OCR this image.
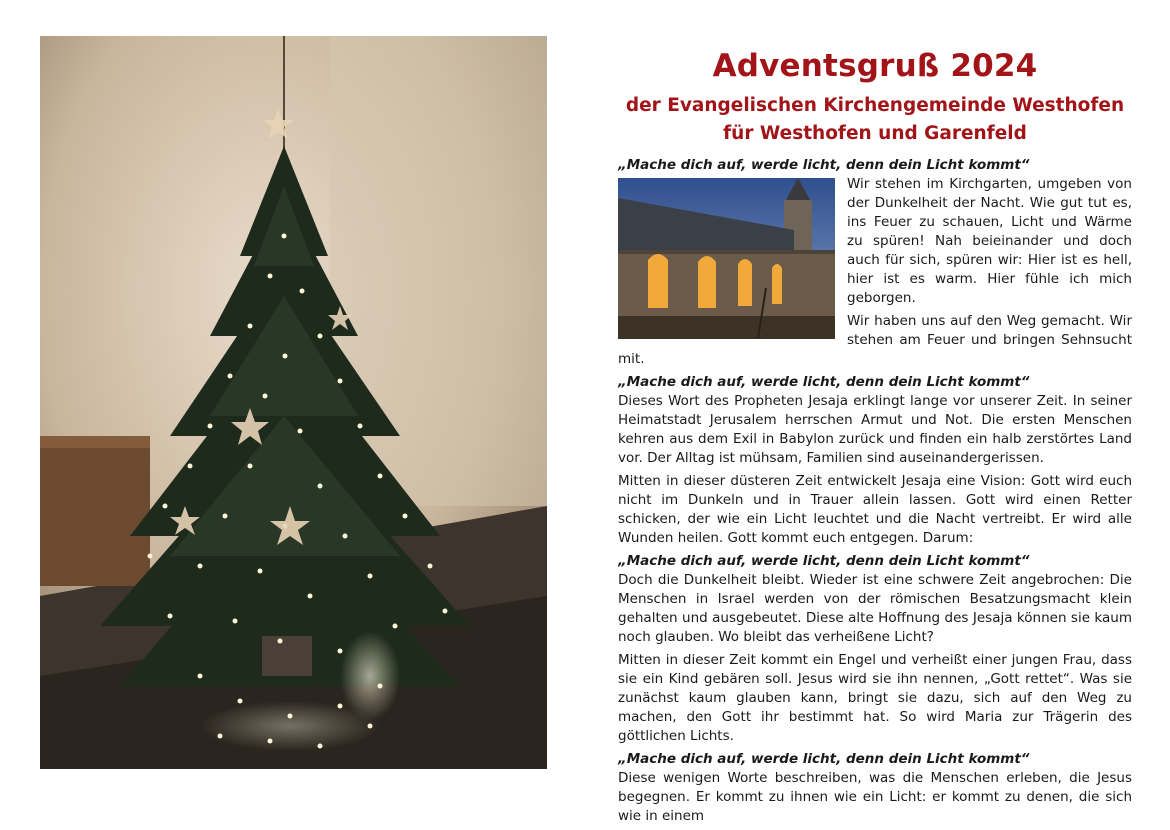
Adventsgruß 2024

der Evangelischen Kirchengemeinde Westhofen

für Westhofen und Garenfeld

„Mache dich auf, werde licht, denn dein Licht kommt“

Wir stehen im Kirchgarten, umgeben von der Dunkelheit der Nacht. Wie gut tut es, ins Feuer zu schauen, Licht und Wärme zu spüren! Nah beieinander und doch auch für sich, spüren wir: Hier ist es hell, hier ist es warm. Hier fühle ich mich geborgen.

Wir haben uns auf den Weg gemacht. Wir stehen am Feuer und bringen Sehnsucht mit.

„Mache dich auf, werde licht, denn dein Licht kommt“

Dieses Wort des Propheten Jesaja erklingt lange vor unserer Zeit. In seiner Heimatstadt Jerusalem herrschen Armut und Not. Die ersten Menschen kehren aus dem Exil in Babylon zurück und finden ein halb zerstörtes Land vor. Der Alltag ist mühsam, Familien sind auseinandergerissen.

Mitten in dieser düsteren Zeit entwickelt Jesaja eine Vision: Gott wird euch nicht im Dunkeln und in Trauer allein lassen. Gott wird einen Retter schicken, der wie ein Licht leuchtet und die Nacht vertreibt. Er wird alle Wunden heilen. Gott kommt euch entgegen. Darum:

„Mache dich auf, werde licht, denn dein Licht kommt“

Doch die Dunkelheit bleibt. Wieder ist eine schwere Zeit angebrochen: Die Menschen in Israel werden von der römischen Besatzungsmacht klein gehalten und ausgebeutet. Diese alte Hoffnung des Jesaja können sie kaum noch glauben. Wo bleibt das verheißene Licht?

Mitten in dieser Zeit kommt ein Engel und verheißt einer jungen Frau, dass sie ein Kind gebären soll. Jesus wird sie ihn nennen, „Gott rettet“. Was sie zunächst kaum glauben kann, bringt sie dazu, sich auf den Weg zu machen, den Gott ihr bestimmt hat. So wird Maria zur Trägerin des göttlichen Lichts.

„Mache dich auf, werde licht, denn dein Licht kommt“

Diese wenigen Worte beschreiben, was die Menschen erleben, die Jesus begegnen. Er kommt zu ihnen wie ein Licht: er kommt zu denen, die sich wie in einem
